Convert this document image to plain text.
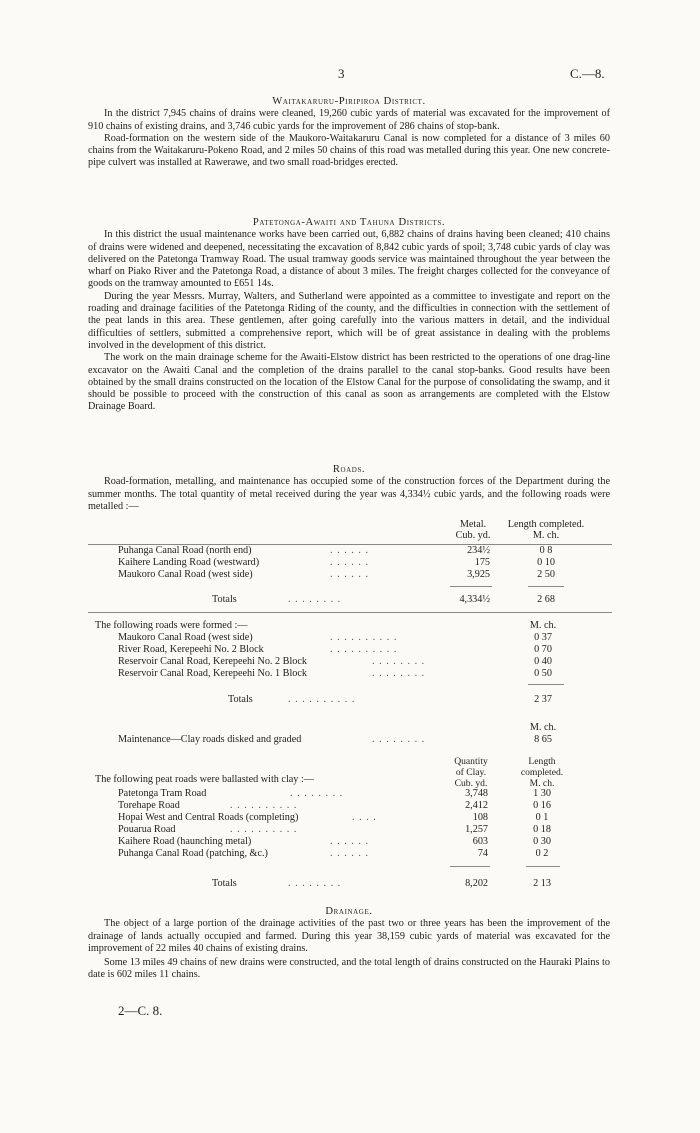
3	C.—8.
Waitakaruru-Piripiroa District.

In the district 7,945 chains of drains were cleaned, 19,260 cubic yards of material was excavated for the improvement of 910 chains of existing drains, and 3,746 cubic yards for the improvement of 286 chains of stop-bank.

Road-formation on the western side of the Maukoro-Waitakaruru Canal is now completed for a distance of 3 miles 60 chains from the Waitakaruru-Pokeno Road, and 2 miles 50 chains of this road was metalled during this year. One new concrete-pipe culvert was installed at Rawerawe, and two small road-bridges erected.

Patetonga-Awaiti and Tahuna Districts.

In this district the usual maintenance works have been carried out, 6,882 chains of drains having been cleaned; 410 chains of drains were widened and deepened, necessitating the excavation of 8,842 cubic yards of spoil; 3,748 cubic yards of clay was delivered on the Patetonga Tramway Road. The usual tramway goods service was maintained throughout the year between the wharf on Piako River and the Patetonga Road, a distance of about 3 miles. The freight charges collected for the conveyance of goods on the tramway amounted to £651 14s.

During the year Messrs. Murray, Walters, and Sutherland were appointed as a committee to investigate and report on the roading and drainage facilities of the Patetonga Riding of the county, and the difficulties in connection with the settlement of the peat lands in this area. These gentlemen, after going carefully into the various matters in detail, and the individual difficulties of settlers, submitted a comprehensive report, which will be of great assistance in dealing with the problems involved in the development of this district.

The work on the main drainage scheme for the Awaiti-Elstow district has been restricted to the operations of one drag-line excavator on the Awaiti Canal and the completion of the drains parallel to the canal stop-banks. Good results have been obtained by the small drains constructed on the location of the Elstow Canal for the purpose of consolidating the swamp, and it should be possible to proceed with the construction of this canal as soon as arrangements are completed with the Elstow Drainage Board.

Roads.

Road-formation, metalling, and maintenance has occupied some of the construction forces of the Department during the summer months. The total quantity of metal received during the year was 4,334½ cubic yards, and the following roads were metalled :—

Metal.
Cub. yd.
Length completed.
M. ch.
Puhanga Canal Road (north end)	. . . . . .	234½	0 8
Kaihere Landing Road (westward)	. . . . . .	175	0 10
Maukoro Canal Road (west side)	. . . . . .	3,925	2 50
Totals	. . . . . . . .	4,334½	2 68
The following roads were formed :—	M. ch.
Maukoro Canal Road (west side)	. . . . . . . . . .	0 37
River Road, Kerepeehi No. 2 Block	. . . . . . . . . .	0 70
Reservoir Canal Road, Kerepeehi No. 2 Block	. . . . . . . .	0 40
Reservoir Canal Road, Kerepeehi No. 1 Block	. . . . . . . .	0 50
Totals	. . . . . . . . . .	2 37
M. ch.
Maintenance—Clay roads disked and graded	. . . . . . . .	8 65
Quantity
of Clay.
Cub. yd.
Length
completed.
M. ch.
The following peat roads were ballasted with clay :—
Patetonga Tram Road	. . . . . . . .	3,748	1 30
Torehape Road	. . . . . . . . . .	2,412	0 16
Hopai West and Central Roads (completing)	. . . .	108	0 1
Pouarua Road	. . . . . . . . . .	1,257	0 18
Kaihere Road (haunching metal)	. . . . . .	603	0 30
Puhanga Canal Road (patching, &c.)	. . . . . .	74	0 2
Totals	. . . . . . . .	8,202	2 13
Drainage.

The object of a large portion of the drainage activities of the past two or three years has been the improvement of the drainage of lands actually occupied and farmed. During this year 38,159 cubic yards of material was excavated for the improvement of 22 miles 40 chains of existing drains.

Some 13 miles 49 chains of new drains were constructed, and the total length of drains constructed on the Hauraki Plains to date is 602 miles 11 chains.

2—C. 8.
